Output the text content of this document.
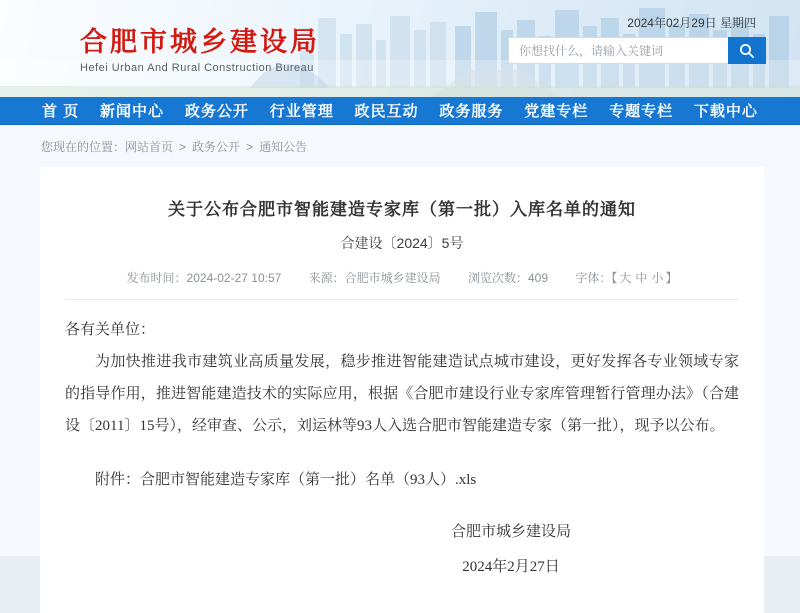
合肥市城乡建设局
Hefei Urban And Rural Construction Bureau
2024年02月29日 星期四
你想找什么，请输入关键词
首 页 新闻中心 政务公开 行业管理 政民互动 政务服务 党建专栏 专题专栏 下载中心
您现在的位置：网站首页 > 政务公开 > 通知公告
关于公布合肥市智能建造专家库（第一批）入库名单的通知
合建设〔2024〕5号
发布时间：2024-02-27 10:57 来源：合肥市城乡建设局 浏览次数：409 字体：【 大 中 小 】

各有关单位：

为加快推进我市建筑业高质量发展，稳步推进智能建造试点城市建设，更好发挥各专业领域专家的指导作用，推进智能建造技术的实际应用，根据《合肥市建设行业专家库管理暂行管理办法》（合建设〔2011〕15号），经审查、公示，刘运林等93人入选合肥市智能建造专家（第一批），现予以公布。

附件：合肥市智能建造专家库（第一批）名单（93人）.xls

合肥市城乡建设局
2024年2月27日
